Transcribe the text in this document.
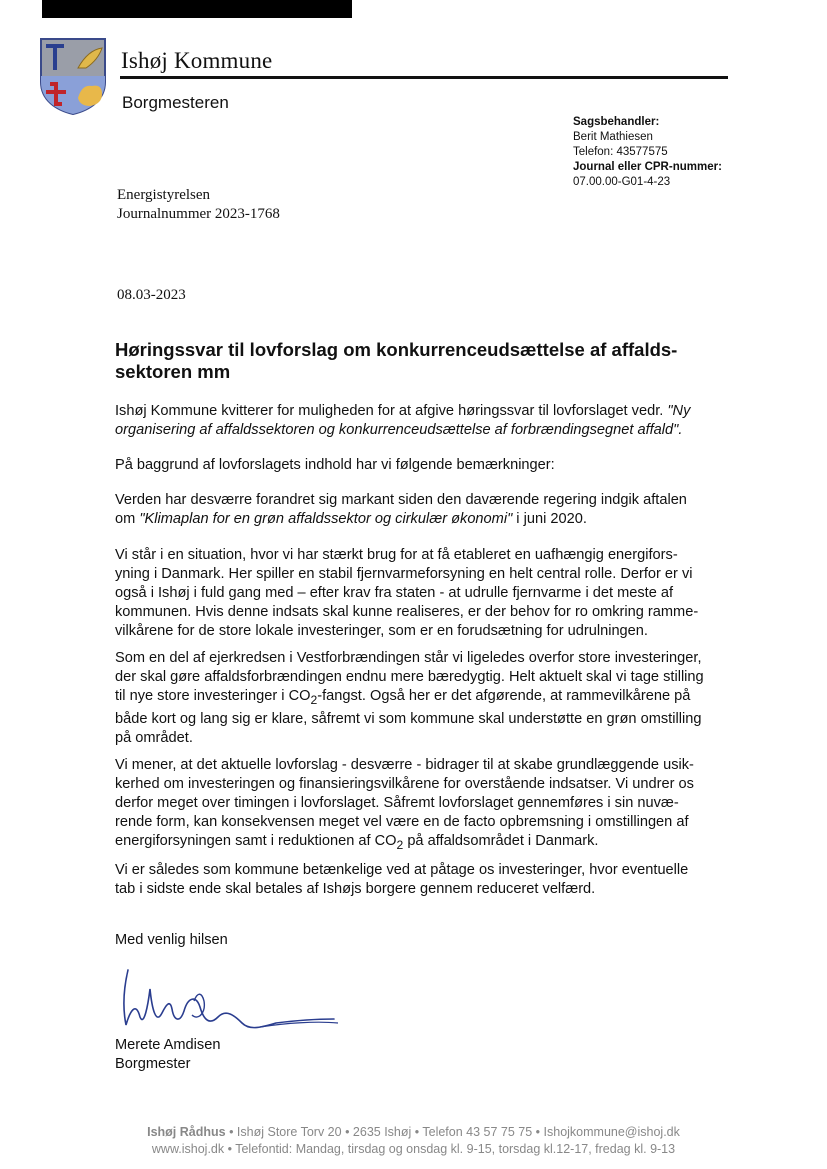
Ishøj Kommune
Borgmesteren
Sagsbehandler:
Berit Mathiesen
Telefon: 43577575
Journal eller CPR-nummer:
07.00.00-G01-4-23
Energistyrelsen
Journalnummer 2023-1768
08.03-2023
Høringssvar til lovforslag om konkurrenceudsættelse af affalds-
sektoren mm
Ishøj Kommune kvitterer for muligheden for at afgive høringssvar til lovforslaget vedr. "Ny
organisering af affaldssektoren og konkurrenceudsættelse af forbrændingsegnet affald".
På baggrund af lovforslagets indhold har vi følgende bemærkninger:
Verden har desværre forandret sig markant siden den daværende regering indgik aftalen
om "Klimaplan for en grøn affaldssektor og cirkulær økonomi" i juni 2020.
Vi står i en situation, hvor vi har stærkt brug for at få etableret en uafhængig energifors-
yning i Danmark. Her spiller en stabil fjernvarmeforsyning en helt central rolle. Derfor er vi
også i Ishøj i fuld gang med – efter krav fra staten - at udrulle fjernvarme i det meste af
kommunen. Hvis denne indsats skal kunne realiseres, er der behov for ro omkring ramme-
vilkårene for de store lokale investeringer, som er en forudsætning for udrulningen.
Som en del af ejerkredsen i Vestforbrændingen står vi ligeledes overfor store investeringer,
der skal gøre affaldsforbrændingen endnu mere bæredygtig. Helt aktuelt skal vi tage stilling
til nye store investeringer i $CO_2$-fangst. Også her er det afgørende, at rammevilkårene på
både kort og lang sig er klare, såfremt vi som kommune skal understøtte en grøn omstilling
på området.
Vi mener, at det aktuelle lovforslag - desværre - bidrager til at skabe grundlæggende usik-
kerhed om investeringen og finansieringsvilkårene for overstående indsatser. Vi undrer os
derfor meget over timingen i lovforslaget. Såfremt lovforslaget gennemføres i sin nuvæ-
rende form, kan konsekvensen meget vel være en de facto opbremsning i omstillingen af
energiforsyningen samt i reduktionen af $CO_2$ på affaldsområdet i Danmark.
Vi er således som kommune betænkelige ved at påtage os investeringer, hvor eventuelle
tab i sidste ende skal betales af Ishøjs borgere gennem reduceret velfærd.
Med venlig hilsen
Merete Amdisen
Borgmester
Ishøj Rådhus • Ishøj Store Torv 20 • 2635 Ishøj • Telefon 43 57 75 75 • Ishojkommune@ishoj.dk
www.ishoj.dk • Telefontid: Mandag, tirsdag og onsdag kl. 9-15, torsdag kl.12-17, fredag kl. 9-13
